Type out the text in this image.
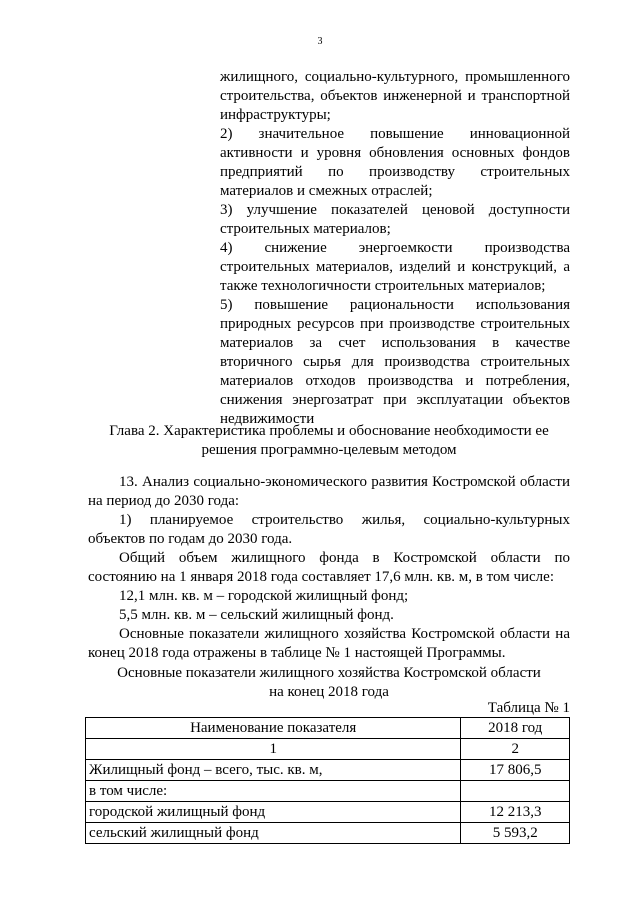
3

жилищного, социально-культурного, промышленного строительства, объектов инженерной и транспортной инфраструктуры;

2) значительное повышение инновационной активности и уровня обновления основных фондов предприятий по производству строительных материалов и смежных отраслей;

3) улучшение показателей ценовой доступности строительных материалов;

4) снижение энергоемкости производства строительных материалов, изделий и конструкций, а также технологичности строительных материалов;

5) повышение рациональности использования природных ресурсов при производстве строительных материалов за счет использования в качестве вторичного сырья для производства строительных материалов отходов производства и потребления, снижения энергозатрат при эксплуатации объектов недвижимости

Глава 2. Характеристика проблемы и обоснование необходимости ее

решения программно-целевым методом

13. Анализ социально-экономического развития Костромской области на период до 2030 года:

1) планируемое строительство жилья, социально-культурных объектов по годам до 2030 года.

Общий объем жилищного фонда в Костромской области по состоянию на 1 января 2018 года составляет 17,6 млн. кв. м, в том числе:

12,1 млн. кв. м – городской жилищный фонд;

5,5 млн. кв. м – сельский жилищный фонд.

Основные показатели жилищного хозяйства Костромской области на конец 2018 года отражены в таблице № 1 настоящей Программы.

Основные показатели жилищного хозяйства Костромской области

на конец 2018 года

Таблица № 1
Наименование показателя	2018 год
1	2
Жилищный фонд – всего, тыс. кв. м,	17 806,5
в том числе:	
городской жилищный фонд	12 213,3
сельский жилищный фонд	5 593,2
